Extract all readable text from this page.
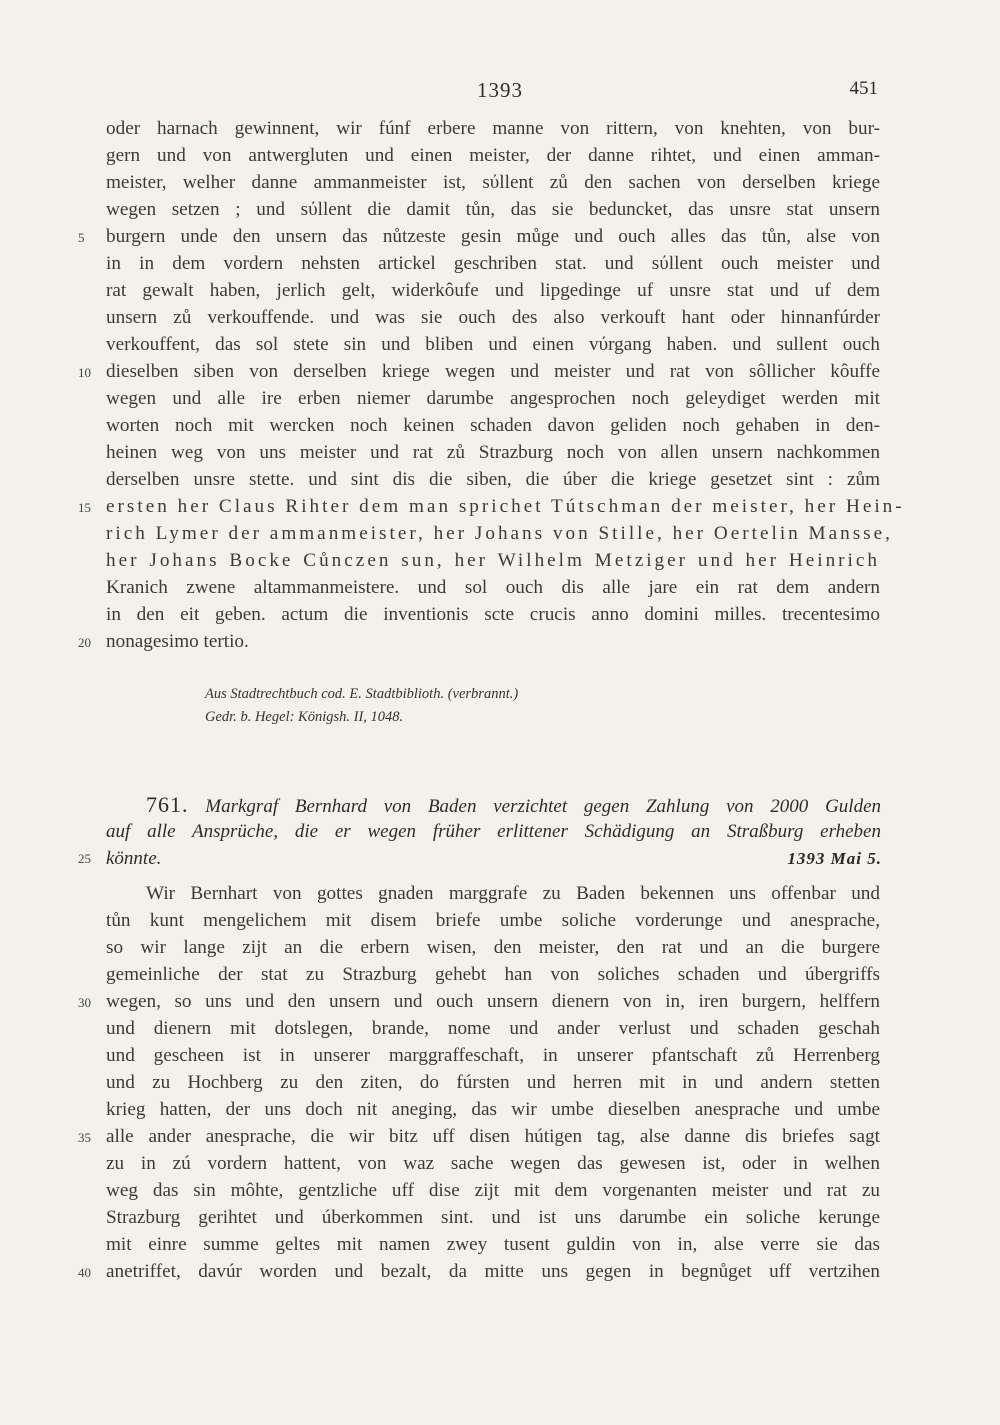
1393	451
oder harnach gewinnent, wir fúnf erbere manne von rittern, von knehten, von bur-
gern und von antwergluten und einen meister, der danne rihtet, und einen amman-
meister, welher danne ammanmeister ist, sύllent zů den sachen von derselben kriege
wegen setzen ; und sύllent die damit tůn, das sie beduncket, das unsre stat unsern
burgern unde den unsern das nůtzeste gesin můge und ouch alles das tůn, alse von
in in dem vordern nehsten artickel geschriben stat. und sύllent ouch meister und
rat gewalt haben, jerlich gelt, widerkôufe und lipgedinge uf unsre stat und uf dem
unsern zů verkouffende. und was sie ouch des also verkouft hant oder hinnanfúrder
verkouffent, das sol stete sin und bliben und einen vύrgang haben. und sullent ouch
dieselben siben von derselben kriege wegen und meister und rat von sôllicher kôuffe
wegen und alle ire erben niemer darumbe angesprochen noch geleydiget werden mit
worten noch mit wercken noch keinen schaden davon geliden noch gehaben in den-
heinen weg von uns meister und rat zů Strazburg noch von allen unsern nachkommen
derselben unsre stette. und sint dis die siben, die úber die kriege gesetzet sint : zům
ersten her Claus Rihter dem man sprichet Tútschman der meister, her Hein-
rich Lymer der ammanmeister, her Johans von Stille, her Oertelin Mansse,
her Johans Bocke Cůnczen sun, her Wilhelm Metziger und her Heinrich
Kranich zwene altammanmeistere. und sol ouch dis alle jare ein rat dem andern
in den eit geben. actum die inventionis scte crucis anno domini milles. trecentesimo
nonagesimo tertio.
5
10
15
20
Aus Stadtrechtbuch cod. E. Stadtbiblioth. (verbrannt.)
Gedr. b. Hegel: Königsh. II, 1048.
761. Markgraf Bernhard von Baden verzichtet gegen Zahlung von 2000 Gulden
auf alle Ansprüche, die er wegen früher erlittener Schädigung an Straßburg erheben
könnte.	1393 Mai 5.
Wir Bernhart von gottes gnaden marggrafe zu Baden bekennen uns offenbar und
tůn kunt mengelichem mit disem briefe umbe soliche vorderunge und anesprache,
so wir lange zijt an die erbern wisen, den meister, den rat und an die burgere
gemeinliche der stat zu Strazburg gehebt han von soliches schaden und úbergriffs
wegen, so uns und den unsern und ouch unsern dienern von in, iren burgern, helffern
und dienern mit dotslegen, brande, nome und ander verlust und schaden geschah
und gescheen ist in unserer marggraffeschaft, in unserer pfantschaft zů Herrenberg
und zu Hochberg zu den ziten, do fúrsten und herren mit in und andern stetten
krieg hatten, der uns doch nit aneging, das wir umbe dieselben anesprache und umbe
alle ander anesprache, die wir bitz uff disen hútigen tag, alse danne dis briefes sagt
zu in zú vordern hattent, von waz sache wegen das gewesen ist, oder in welhen
weg das sin môhte, gentzliche uff dise zijt mit dem vorgenanten meister und rat zu
Strazburg gerihtet und úberkommen sint. und ist uns darumbe ein soliche kerunge
mit einre summe geltes mit namen zwey tusent guldin von in, alse verre sie das
anetriffet, davúr worden und bezalt, da mitte uns gegen in begnůget uff vertzihen
25
30
35
40
